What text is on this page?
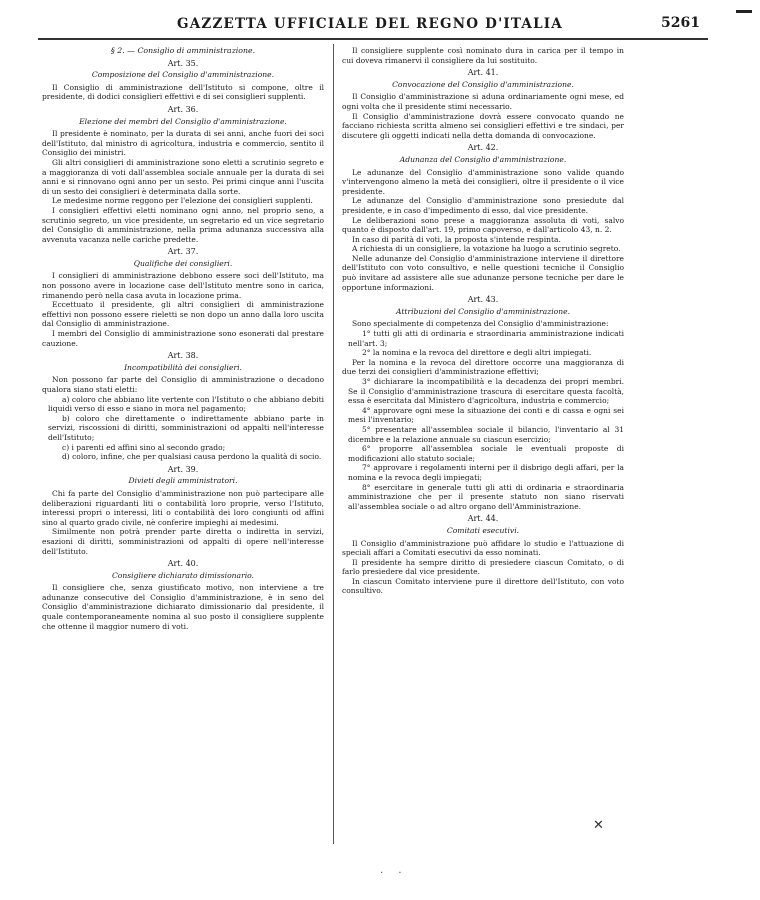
GAZZETTA UFFICIALE DEL REGNO D'ITALIA	5261
§ 2. — Consiglio di amministrazione.
Art. 35.
Composizione del Consiglio d'amministrazione.

Il Consiglio di amministrazione dell'Istituto si compone, oltre il presidente, di dodici consiglieri effettivi e di sei consiglieri supplenti.

Art. 36.
Elezione dei membri del Consiglio d'amministrazione.

Il presidente è nominato, per la durata di sei anni, anche fuori dei soci dell'Istituto, dal ministro di agricoltura, industria e commercio, sentito il Consiglio dei ministri.

Gli altri consiglieri di amministrazione sono eletti a scrutinio segreto e a maggioranza di voti dall'assemblea sociale annuale per la durata di sei anni e si rinnovano ogni anno per un sesto. Pei primi cinque anni l'uscita di un sesto dei consiglieri è determinata dalla sorte.

Le medesime norme reggono per l'elezione dei consiglieri supplenti.

I consiglieri effettivi eletti nominano ogni anno, nel proprio seno, a scrutinio segreto, un vice presidente, un segretario ed un vice segretario del Consiglio di amministrazione, nella prima adunanza successiva alla avvenuta vacanza nelle cariche predette.

Art. 37.
Qualifiche dei consiglieri.

I consiglieri di amministrazione debbono essere soci dell'Istituto, ma non possono avere in locazione case dell'Istituto mentre sono in carica, rimanendo però nella casa avuta in locazione prima.

Eccettuato il presidente, gli altri consiglieri di amministrazione effettivi non possono essere rieletti se non dopo un anno dalla loro uscita dal Consiglio di amministrazione.

I membri del Consiglio di amministrazione sono esonerati dal prestare cauzione.

Art. 38.
Incompatibilità dei consiglieri.

Non possono far parte del Consiglio di amministrazione o decadono qualora siano stati eletti:

a) coloro che abbiano lite vertente con l'Istituto o che abbiano debiti liquidi verso di esso e siano in mora nel pagamento;

b) coloro che direttamente o indirettamente abbiano parte in servizi, riscossioni di diritti, somministrazioni od appalti nell'interesse dell'Istituto;

c) i parenti ed affini sino al secondo grado;

d) coloro, infine, che per qualsiasi causa perdono la qualità di socio.

Art. 39.
Divieti degli amministratori.

Chi fa parte del Consiglio d'amministrazione non può partecipare alle deliberazioni riguardanti liti o contabilità loro proprie, verso l'Istituto, interessi propri o interessi, liti o contabilità dei loro congiunti od affini sino al quarto grado civile, nè conferire impieghi ai medesimi.

Similmente non potrà prender parte diretta o indiretta in servizi, esazioni di diritti, somministrazioni od appalti di opere nell'interesse dell'Istituto.

Art. 40.
Consigliere dichiarato dimissionario.

Il consigliere che, senza giustificato motivo, non interviene a tre adunanze consecutive del Consiglio d'amministrazione, è in seno del Consiglio d'amministrazione dichiarato dimissionario dal presidente, il quale contemporaneamente nomina al suo posto il consigliere supplente che ottenne il maggior numero di voti.

Il consigliere supplente così nominato dura in carica per il tempo in cui doveva rimanervi il consigliere da lui sostituito.

Art. 41.
Convocazione del Consiglio d'amministrazione.

Il Consiglio d'amministrazione si aduna ordinariamente ogni mese, ed ogni volta che il presidente stimi necessario.

Il Consiglio d'amministrazione dovrà essere convocato quando ne facciano richiesta scritta almeno sei consiglieri effettivi e tre sindaci, per discutere gli oggetti indicati nella detta domanda di convocazione.

Art. 42.
Adunanza del Consiglio d'amministrazione.

Le adunanze del Consiglio d'amministrazione sono valide quando v'intervengono almeno la metà dei consiglieri, oltre il presidente o il vice presidente.

Le adunanze del Consiglio d'amministrazione sono presiedute dal presidente, e in caso d'impedimento di esso, dal vice presidente.

Le deliberazioni sono prese a maggioranza assoluta di voti, salvo quanto è disposto dall'art. 19, primo capoverso, e dall'articolo 43, n. 2.

In caso di parità di voti, la proposta s'intende respinta.

A richiesta di un consigliere, la votazione ha luogo a scrutinio segreto.

Nelle adunanze del Consiglio d'amministrazione interviene il direttore dell'Istituto con voto consultivo, e nelle questioni tecniche il Consiglio può invitare ad assistere alle sue adunanze persone tecniche per dare le opportune informazioni.

Art. 43.
Attribuzioni del Consiglio d'amministrazione.

Sono specialmente di competenza del Consiglio d'amministrazione:

1° tutti gli atti di ordinaria e straordinaria amministrazione indicati nell'art. 3;

2° la nomina e la revoca del direttore e degli altri impiegati.

Per la nomina e la revoca del direttore occorre una maggioranza di due terzi dei consiglieri d'amministrazione effettivi;

3° dichiarare la incompatibilità e la decadenza dei propri membri. Se il Consiglio d'amministrazione trascura di esercitare questa facoltà, essa è esercitata dal Ministero d'agricoltura, industria e commercio;

4° approvare ogni mese la situazione dei conti e di cassa e ogni sei mesi l'inventario;

5° presentare all'assemblea sociale il bilancio, l'inventario al 31 dicembre e la relazione annuale su ciascun esercizio;

6° proporre all'assemblea sociale le eventuali proposte di modificazioni allo statuto sociale;

7° approvare i regolamenti interni per il disbrigo degli affari, per la nomina e la revoca degli impiegati;

8° esercitare in generale tutti gli atti di ordinaria e straordinaria amministrazione che per il presente statuto non siano riservati all'assemblea sociale o ad altro organo dell'Amministrazione.

Art. 44.
Comitati esecutivi.

Il Consiglio d'amministrazione può affidare lo studio e l'attuazione di speciali affari a Comitati esecutivi da esso nominati.

Il presidente ha sempre diritto di presiedere ciascun Comitato, o di farlo presiedere dal vice presidente.

In ciascun Comitato interviene pure il direttore dell'Istituto, con voto consultivo.

✕
· ·
